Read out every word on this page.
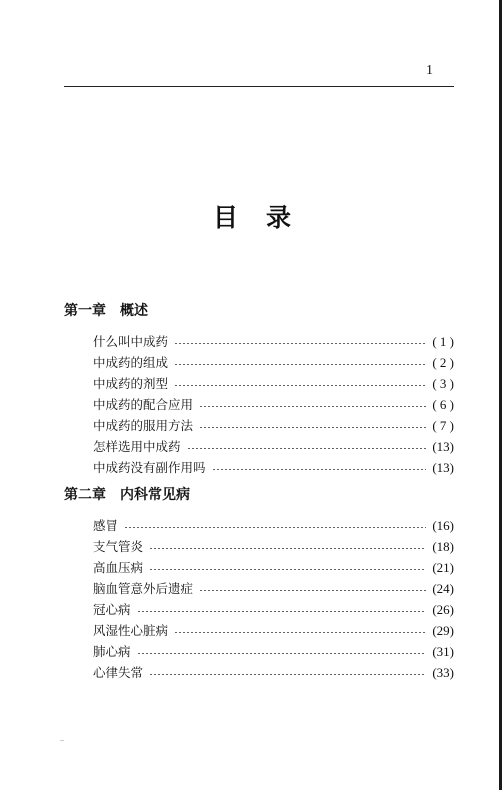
1
目录
第一章 概述
什么叫中成药	( 1 )
中成药的组成	( 2 )
中成药的剂型	( 3 )
中成药的配合应用	( 6 )
中成药的服用方法	( 7 )
怎样选用中成药	(13)
中成药没有副作用吗	(13)
第二章 内科常见病
感冒	(16)
支气管炎	(18)
高血压病	(21)
脑血管意外后遗症	(24)
冠心病	(26)
风湿性心脏病	(29)
肺心病	(31)
心律失常	(33)
